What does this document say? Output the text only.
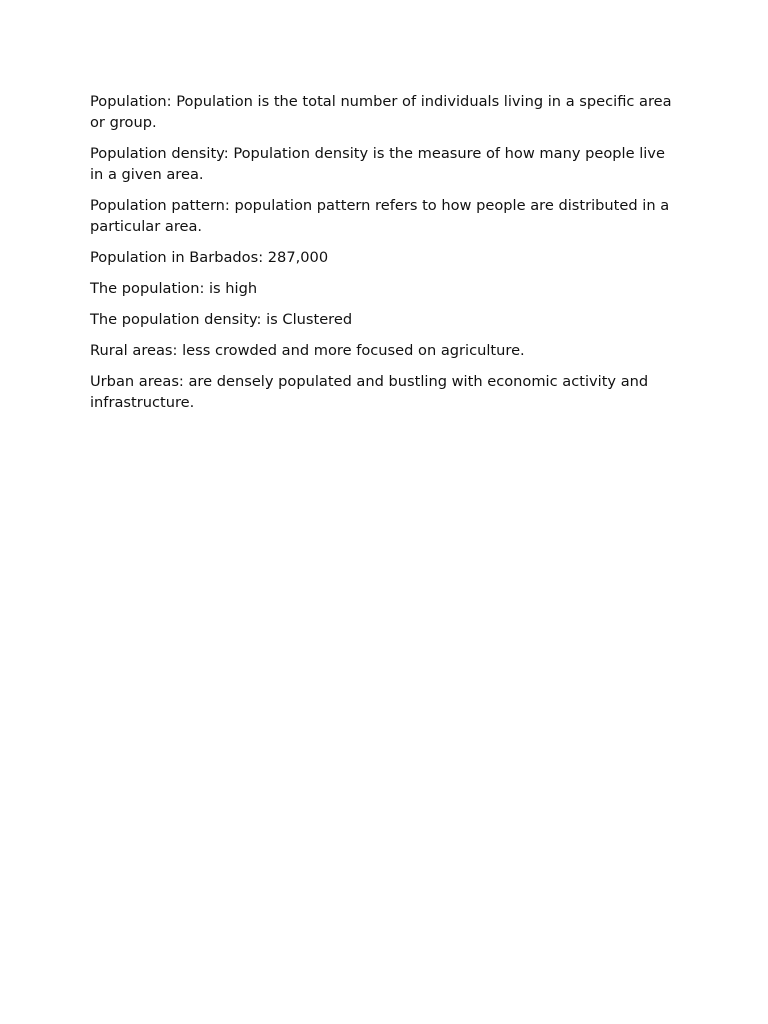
Population: Population is the total number of individuals living in a specific area or group.

Population density: Population density is the measure of how many people live in a given area.

Population pattern: population pattern refers to how people are distributed in a particular area.

Population in Barbados: 287,000

The population: is high

The population density: is Clustered

Rural areas: less crowded and more focused on agriculture.

Urban areas: are densely populated and bustling with economic activity and infrastructure.
